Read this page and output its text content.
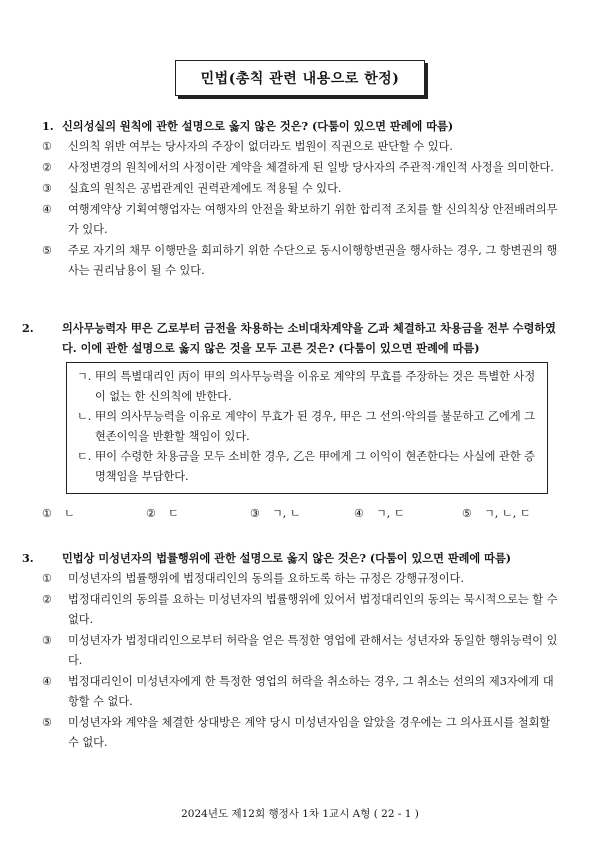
민법(총칙 관련 내용으로 한정)
1. 신의성실의 원칙에 관한 설명으로 옳지 않은 것은? (다툼이 있으면 판례에 따름)
①	신의칙 위반 여부는 당사자의 주장이 없더라도 법원이 직권으로 판단할 수 있다.
②	사정변경의 원칙에서의 사정이란 계약을 체결하게 된 일방 당사자의 주관적·개인적 사정을 의미한다.
③	실효의 원칙은 공법관계인 권력관계에도 적용될 수 있다.
④	여행계약상 기획여행업자는 여행자의 안전을 확보하기 위한 합리적 조치를 할 신의칙상 안전배려의무가 있다.
⑤	주로 자기의 채무 이행만을 회피하기 위한 수단으로 동시이행항변권을 행사하는 경우, 그 항변권의 행사는 권리남용이 될 수 있다.
2.	의사무능력자 甲은 乙로부터 금전을 차용하는 소비대차계약을 乙과 체결하고 차용금을 전부 수령하였다. 이에 관한 설명으로 옳지 않은 것을 모두 고른 것은? (다툼이 있으면 판례에 따름)
ㄱ. 甲의 특별대리인 丙이 甲의 의사무능력을 이유로 계약의 무효를 주장하는 것은 특별한 사정이 없는 한 신의칙에 반한다.
ㄴ. 甲의 의사무능력을 이유로 계약이 무효가 된 경우, 甲은 그 선의·악의를 불문하고 乙에게 그 현존이익을 반환할 책임이 있다.
ㄷ. 甲이 수령한 차용금을 모두 소비한 경우, 乙은 甲에게 그 이익이 현존한다는 사실에 관한 증명책임을 부담한다.
①	ㄴ	②	ㄷ	③	ㄱ, ㄴ	④	ㄱ, ㄷ	⑤	ㄱ, ㄴ, ㄷ
3.	민법상 미성년자의 법률행위에 관한 설명으로 옳지 않은 것은? (다툼이 있으면 판례에 따름)
①	미성년자의 법률행위에 법정대리인의 동의를 요하도록 하는 규정은 강행규정이다.
②	법정대리인의 동의를 요하는 미성년자의 법률행위에 있어서 법정대리인의 동의는 묵시적으로는 할 수 없다.
③	미성년자가 법정대리인으로부터 허락을 얻은 특정한 영업에 관해서는 성년자와 동일한 행위능력이 있다.
④	법정대리인이 미성년자에게 한 특정한 영업의 허락을 취소하는 경우, 그 취소는 선의의 제3자에게 대항할 수 없다.
⑤	미성년자와 계약을 체결한 상대방은 계약 당시 미성년자임을 알았을 경우에는 그 의사표시를 철회할 수 없다.
2024년도 제12회 행정사 1차 1교시 A형 ( 22 - 1 )
